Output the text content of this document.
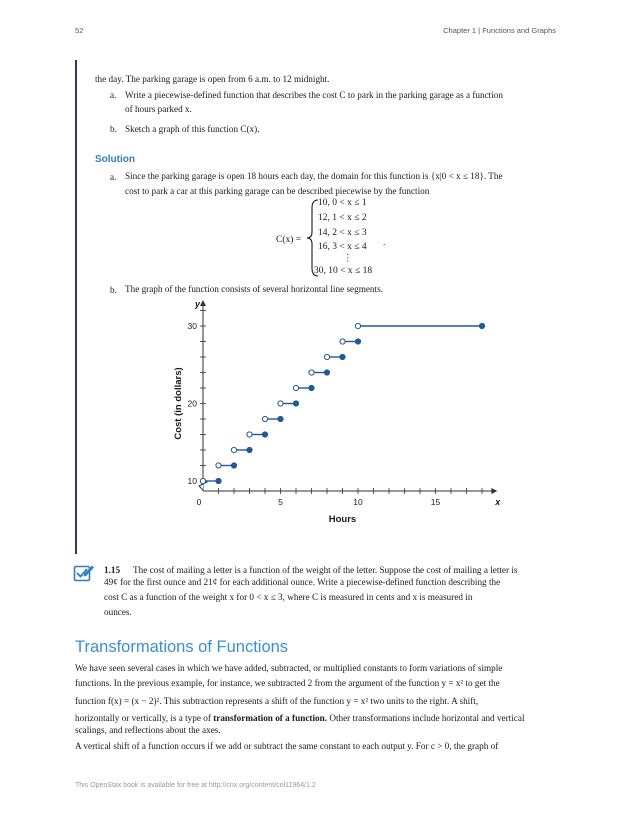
52	Chapter 1 | Functions and Graphs
the day. The parking garage is open from 6 a.m. to 12 midnight.
a. Write a piecewise-defined function that describes the cost C to park in the parking garage as a function
of hours parked x.
b. Sketch a graph of this function C(x).
Solution
a. Since the parking garage is open 18 hours each day, the domain for this function is {x|0 < x ≤ 18}. The
cost to park a car at this parking garage can be described piecewise by the function
C(x) =
10, 0 < x ≤ 1
12, 1 < x ≤ 2
14, 2 < x ≤ 3
16, 3 < x ≤ 4
⋮
30, 10 < x ≤ 18
.
b. The graph of the function consists of several horizontal line segments.
10
20
30
5	10	15
0
y
x
Hours
Cost (in dollars)
1.15 The cost of mailing a letter is a function of the weight of the letter. Suppose the cost of mailing a letter is
49¢ for the first ounce and 21¢ for each additional ounce. Write a piecewise-defined function describing the
cost C as a function of the weight x for 0 < x ≤ 3, where C is measured in cents and x is measured in
ounces.
Transformations of Functions
We have seen several cases in which we have added, subtracted, or multiplied constants to form variations of simple
functions. In the previous example, for instance, we subtracted 2 from the argument of the function y = x² to get the
function f(x) = (x − 2)². This subtraction represents a shift of the function y = x² two units to the right. A shift,
horizontally or vertically, is a type of transformation of a function. Other transformations include horizontal and vertical
scalings, and reflections about the axes.
A vertical shift of a function occurs if we add or subtract the same constant to each output y. For c > 0, the graph of
This OpenStax book is available for free at http://cnx.org/content/col11964/1.2
